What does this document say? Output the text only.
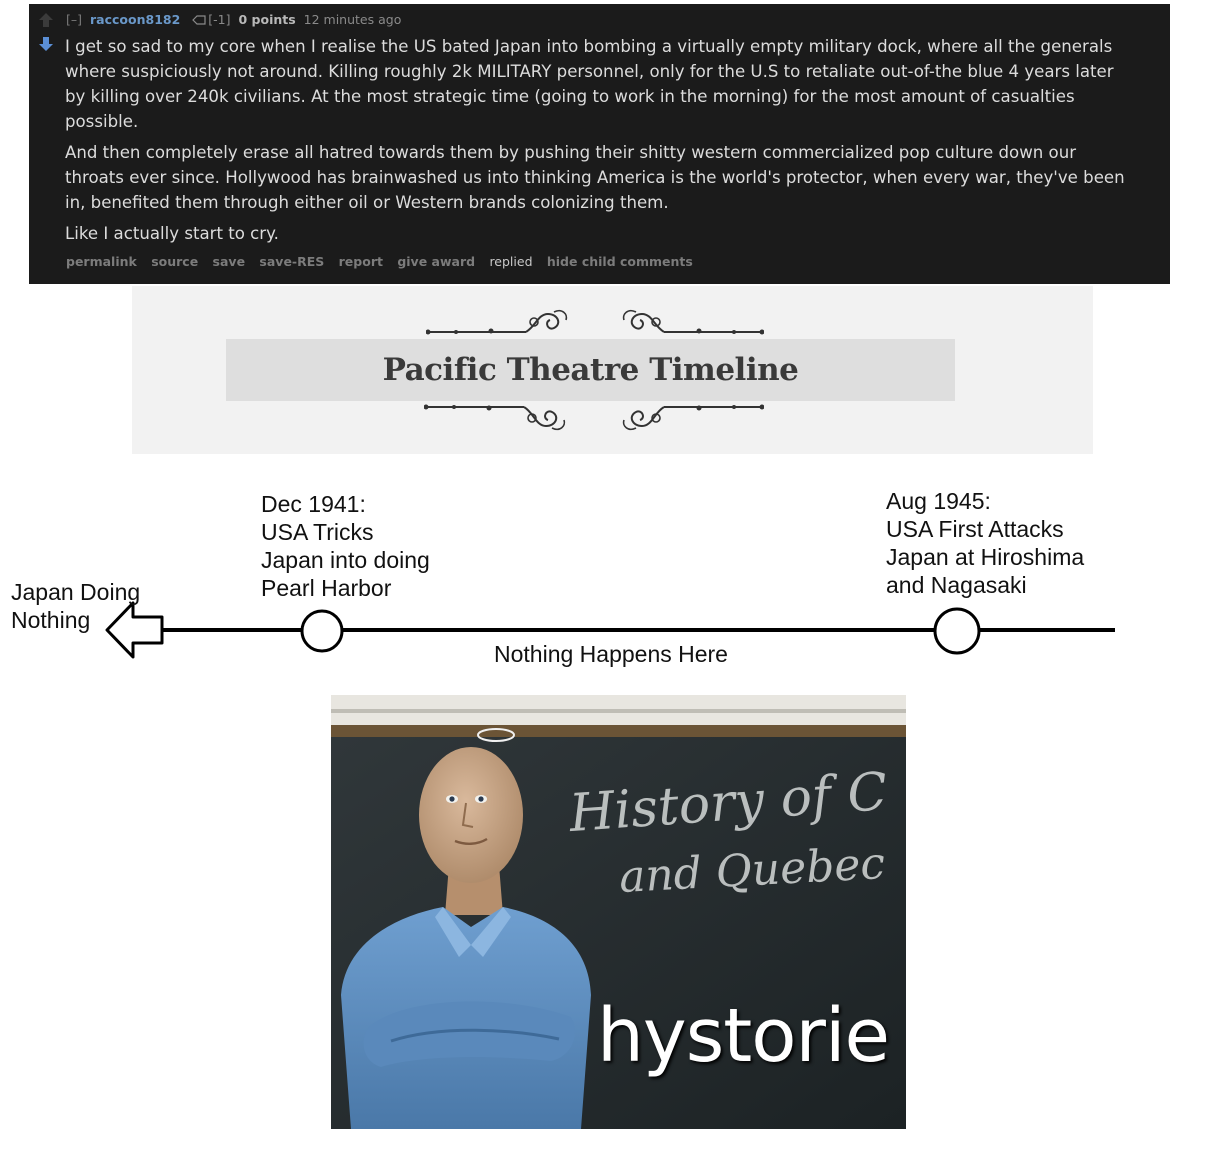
[–] raccoon8182 [-1] 0 points 12 minutes ago

I get so sad to my core when I realise the US bated Japan into bombing a virtually empty military dock, where all the generals where suspiciously not around. Killing roughly 2k MILITARY personnel, only for the U.S to retaliate out-of-the blue 4 years later by killing over 240k civilians. At the most strategic time (going to work in the morning) for the most amount of casualties possible.

And then completely erase all hatred towards them by pushing their shitty western commercialized pop culture down our throats ever since. Hollywood has brainwashed us into thinking America is the world's protector, when every war, they've been in, benefited them through either oil or Western brands colonizing them.

Like I actually start to cry.

permalink source save save-RES report give award replied hide child comments
Pacific Theatre Timeline
Japan Doing
Nothing
Dec 1941:
USA Tricks
Japan into doing
Pearl Harbor
Aug 1945:
USA First Attacks
Japan at Hiroshima
and Nagasaki
Nothing Happens Here
History of C
and Quebec
hystorie
